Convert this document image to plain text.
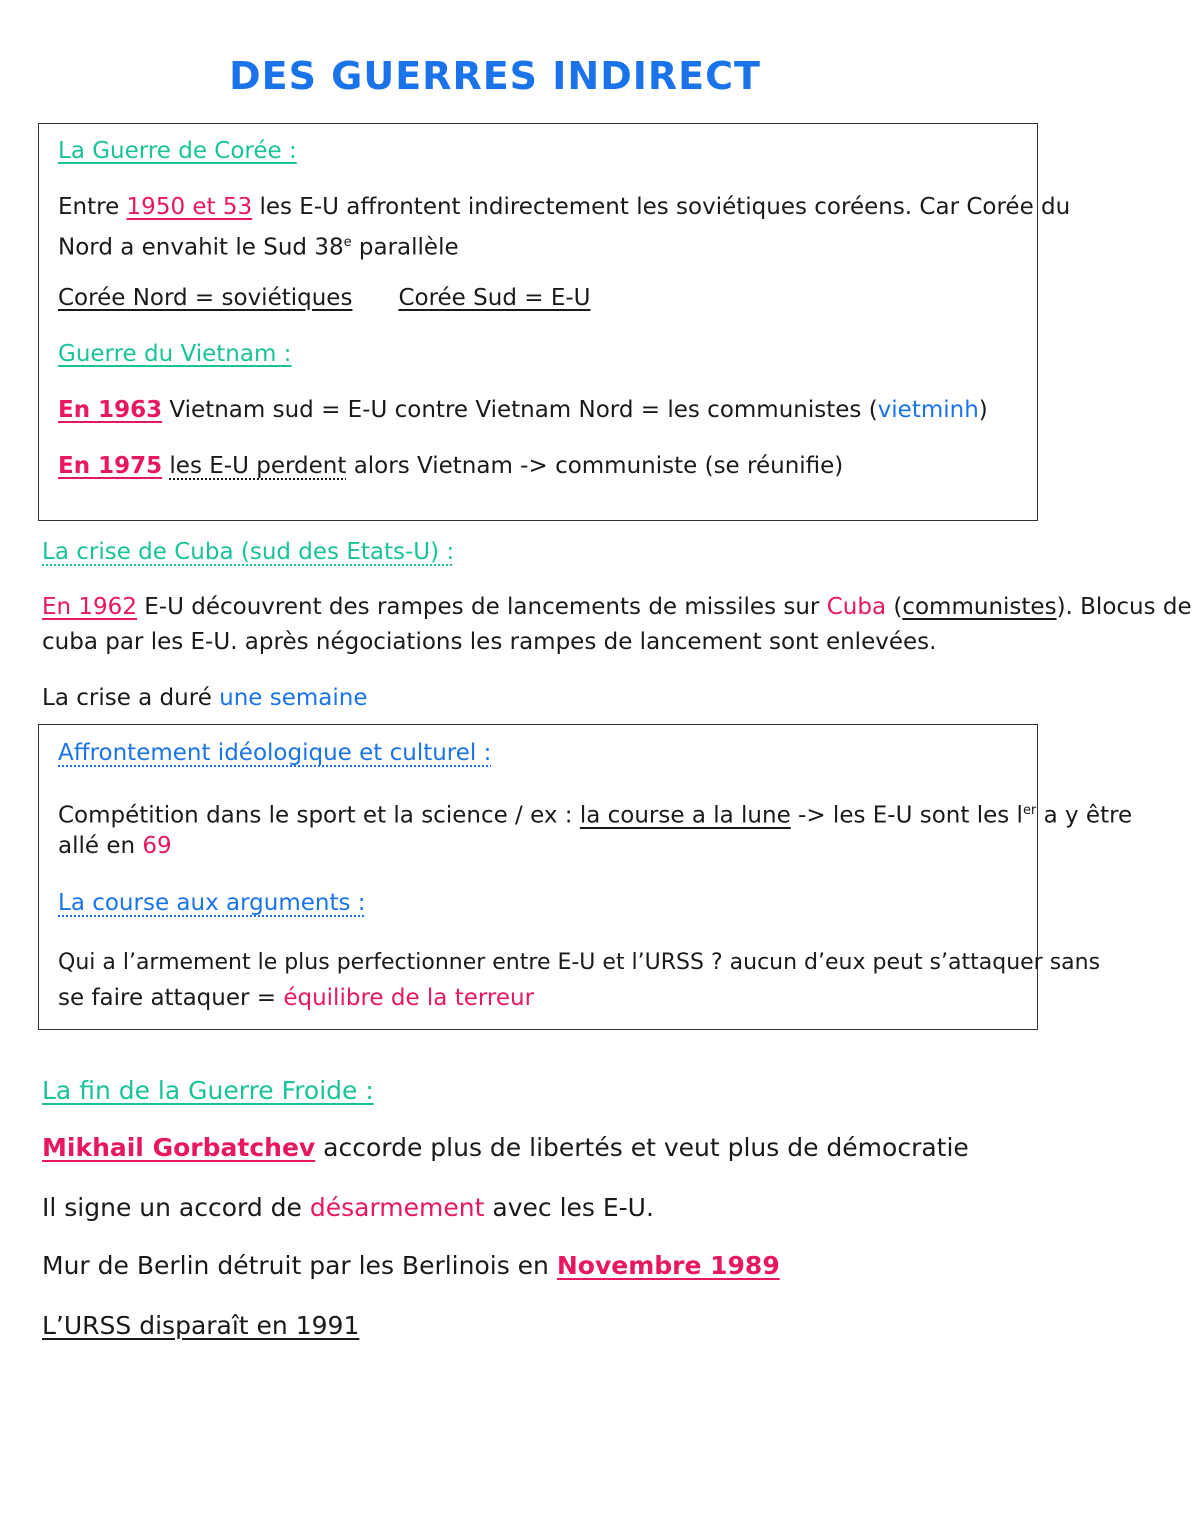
DES GUERRES INDIRECT
La Guerre de Corée :
Entre 1950 et 53 les E-U affrontent indirectement les soviétiques coréens. Car Corée du
Nord a envahit le Sud 38e parallèle
Corée Nord = soviétiques Corée Sud = E-U
Guerre du Vietnam :
En 1963 Vietnam sud = E-U contre Vietnam Nord = les communistes (vietminh)
En 1975 les E-U perdent alors Vietnam -> communiste (se réunifie)
La crise de Cuba (sud des Etats-U) :
En 1962 E-U découvrent des rampes de lancements de missiles sur Cuba (communistes). Blocus de
cuba par les E-U. après négociations les rampes de lancement sont enlevées.
La crise a duré une semaine
Affrontement idéologique et culturel :
Compétition dans le sport et la science / ex : la course a la lune -> les E-U sont les $l^{er}$ a y être
allé en 69
La course aux arguments :
Qui a l’armement le plus perfectionner entre E-U et l’URSS ? aucun d’eux peut s’attaquer sans
se faire attaquer = équilibre de la terreur
La fin de la Guerre Froide :
Mikhail Gorbatchev accorde plus de libertés et veut plus de démocratie
Il signe un accord de désarmement avec les E-U.
Mur de Berlin détruit par les Berlinois en Novembre 1989
L’URSS disparaît en 1991
